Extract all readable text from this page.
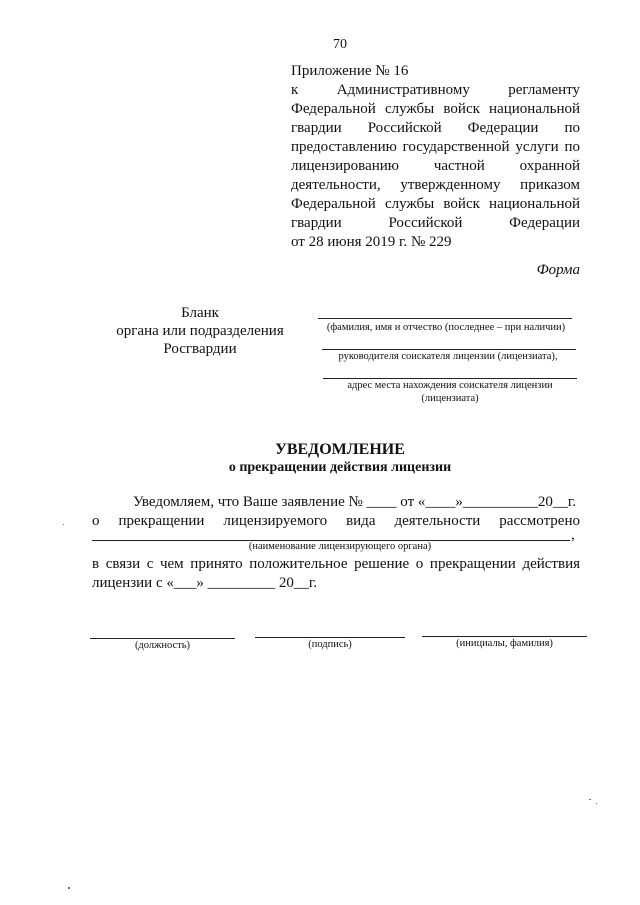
70
Приложение № 16
к Административному регламенту
Федеральной службы войск национальной
гвардии Российской Федерации по
предоставлению государственной услуги по
лицензированию частной охранной
деятельности, утвержденному приказом
Федеральной службы войск национальной
гвардии Российской Федерации
от 28 июня 2019 г. № 229
Форма
Бланк
органа или подразделения
Росгвардии
(фамилия, имя и отчество (последнее – при наличии)
руководителя соискателя лицензии (лицензиата),
адрес места нахождения соискателя лицензии
(лицензиата)
УВЕДОМЛЕНИЕ
о прекращении действия лицензии
Уведомляем, что Ваше заявление № ____ от «____»__________20__г.
о прекращении лицензируемого вида деятельности рассмотрено
,
(наименование лицензирующего органа)
в связи с чем принято положительное решение о прекращении действия
лицензии с «___» _________ 20__г.
(должность)	(подпись)	(инициалы, фамилия)
